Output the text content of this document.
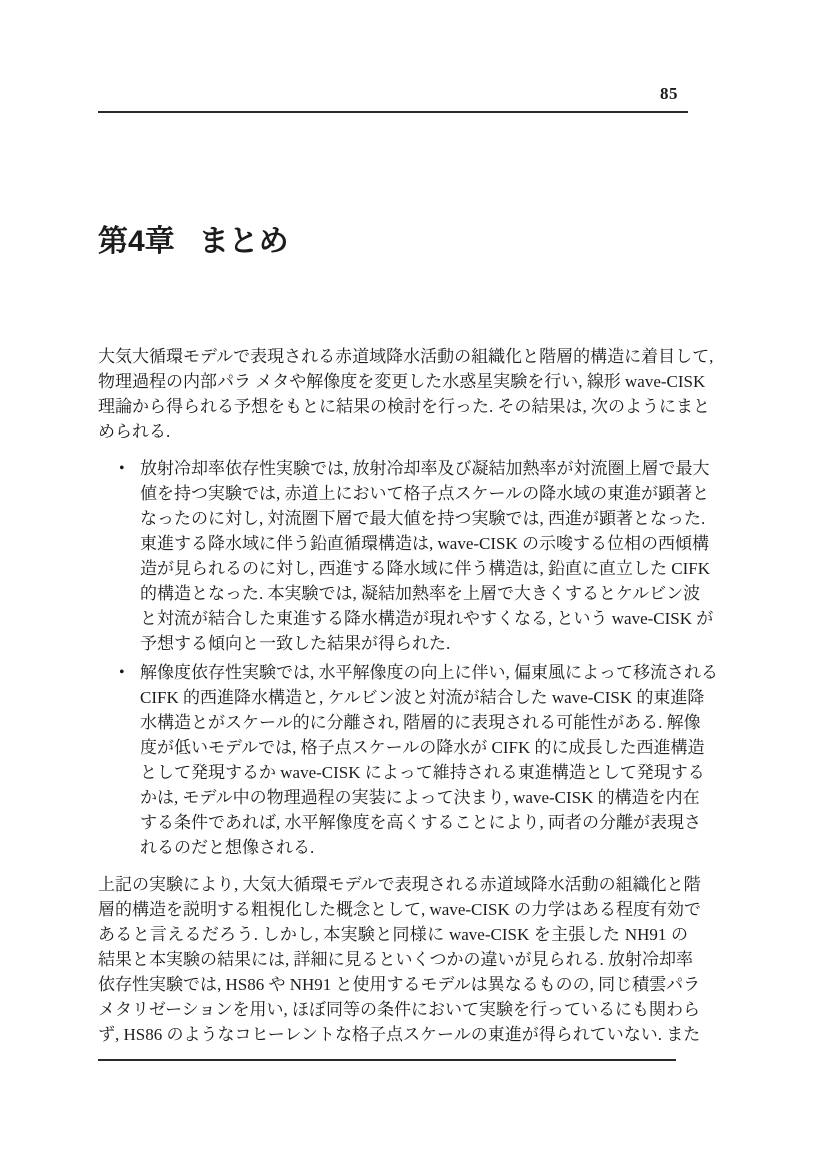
85
第4章 まとめ
大気大循環モデルで表現される赤道域降水活動の組織化と階層的構造に着目して,
物理過程の内部パラ メタや解像度を変更した水惑星実験を行い, 線形 wave-CISK
理論から得られる予想をもとに結果の検討を行った. その結果は, 次のようにまと
められる.
• 放射冷却率依存性実験では, 放射冷却率及び凝結加熱率が対流圏上層で最大
値を持つ実験では, 赤道上において格子点スケールの降水域の東進が顕著と
なったのに対し, 対流圏下層で最大値を持つ実験では, 西進が顕著となった.
東進する降水域に伴う鉛直循環構造は, wave-CISK の示唆する位相の西傾構
造が見られるのに対し, 西進する降水域に伴う構造は, 鉛直に直立した CIFK
的構造となった. 本実験では, 凝結加熱率を上層で大きくするとケルビン波
と対流が結合した東進する降水構造が現れやすくなる, という wave-CISK が
予想する傾向と一致した結果が得られた.
• 解像度依存性実験では, 水平解像度の向上に伴い, 偏東風によって移流される
CIFK 的西進降水構造と, ケルビン波と対流が結合した wave-CISK 的東進降
水構造とがスケール的に分離され, 階層的に表現される可能性がある. 解像
度が低いモデルでは, 格子点スケールの降水が CIFK 的に成長した西進構造
として発現するか wave-CISK によって維持される東進構造として発現する
かは, モデル中の物理過程の実装によって決まり, wave-CISK 的構造を内在
する条件であれば, 水平解像度を高くすることにより, 両者の分離が表現さ
れるのだと想像される.
上記の実験により, 大気大循環モデルで表現される赤道域降水活動の組織化と階
層的構造を説明する粗視化した概念として, wave-CISK の力学はある程度有効で
あると言えるだろう. しかし, 本実験と同様に wave-CISK を主張した NH91 の
結果と本実験の結果には, 詳細に見るといくつかの違いが見られる. 放射冷却率
依存性実験では, HS86 や NH91 と使用するモデルは異なるものの, 同じ積雲パラ
メタリゼーションを用い, ほぼ同等の条件において実験を行っているにも関わら
ず, HS86 のようなコヒーレントな格子点スケールの東進が得られていない. また
